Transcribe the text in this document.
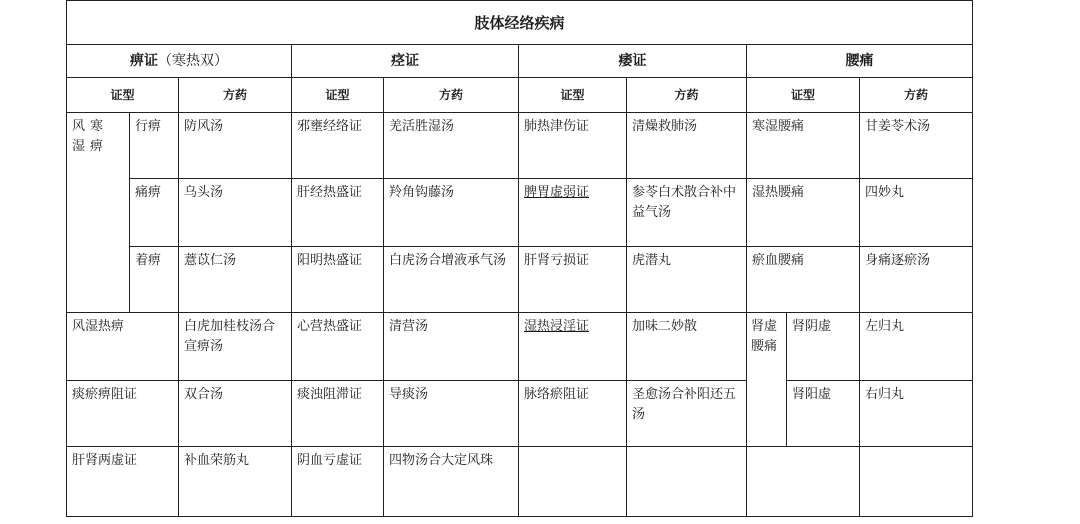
肢体经络疾病									
痹证（寒热双）			痉证		痿证		腰痛		
证型		方药	证型	方药	证型	方药	证型		方药
风寒湿痹	行痹	防风汤	邪壅经络证	羌活胜湿汤	肺热津伤证	清燥救肺汤	寒湿腰痛		甘姜苓术汤
	痛痹	乌头汤	肝经热盛证	羚角钩藤汤	脾胃虚弱证	参苓白术散合补中益气汤	湿热腰痛		四妙丸
	着痹	薏苡仁汤	阳明热盛证	白虎汤合增液承气汤	肝肾亏损证	虎潜丸	瘀血腰痛		身痛逐瘀汤
风湿热痹		白虎加桂枝汤合宣痹汤	心营热盛证	清营汤	湿热浸淫证	加味二妙散	肾虚腰痛	肾阴虚	左归丸
痰瘀痹阻证		双合汤	痰浊阻滞证	导痰汤	脉络瘀阻证	圣愈汤合补阳还五汤		肾阳虚	右归丸
肝肾两虚证		补血荣筋丸	阴血亏虚证	四物汤合大定风珠					
